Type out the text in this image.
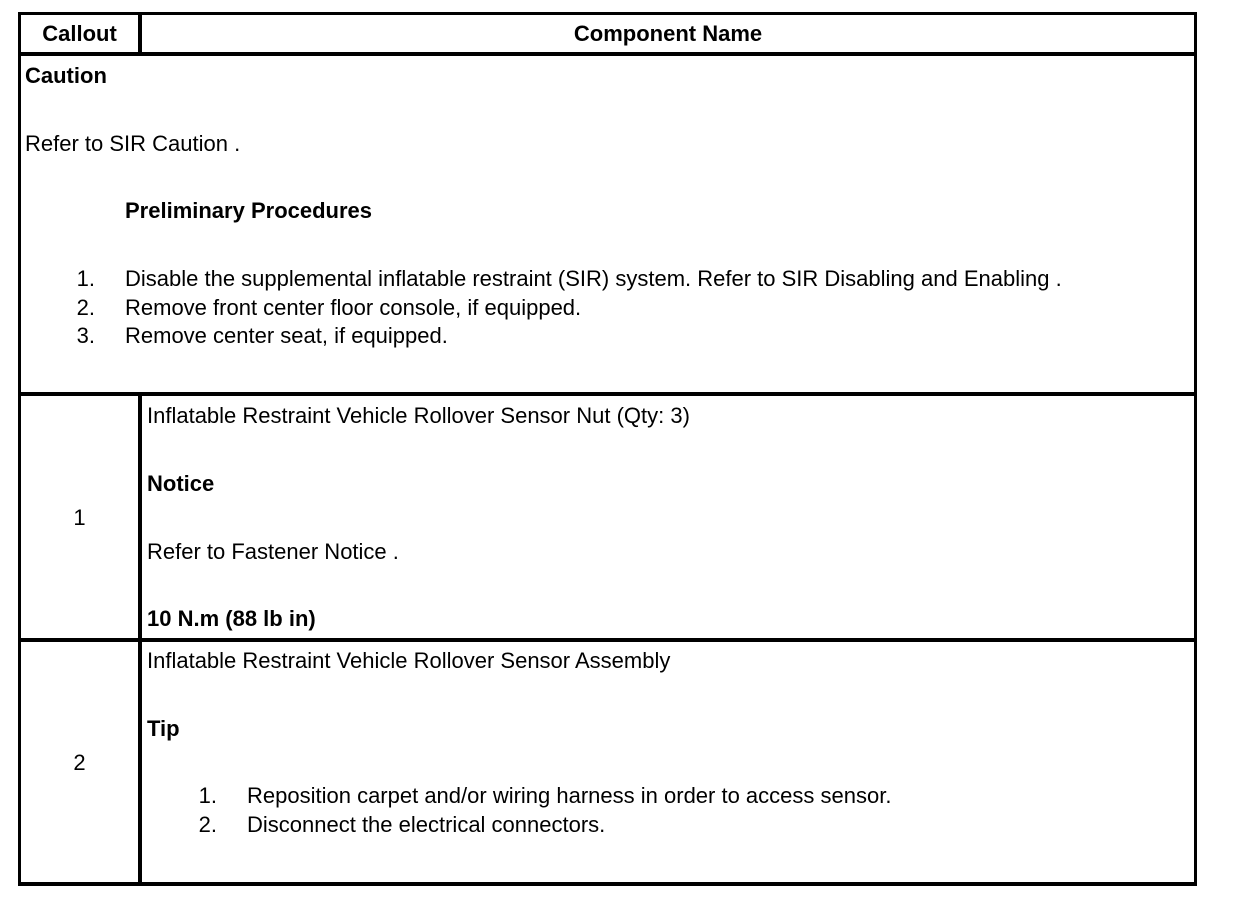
Callout	Component Name
Caution
Refer to SIR Caution .
Preliminary Procedures
1. Disable the supplemental inflatable restraint (SIR) system. Refer to SIR Disabling and Enabling .
2. Remove front center floor console, if equipped.
3. Remove center seat, if equipped.
1
Inflatable Restraint Vehicle Rollover Sensor Nut (Qty: 3)
Notice
Refer to Fastener Notice .
10 N.m (88 lb in)
2
Inflatable Restraint Vehicle Rollover Sensor Assembly
Tip
1. Reposition carpet and/or wiring harness in order to access sensor.
2. Disconnect the electrical connectors.
